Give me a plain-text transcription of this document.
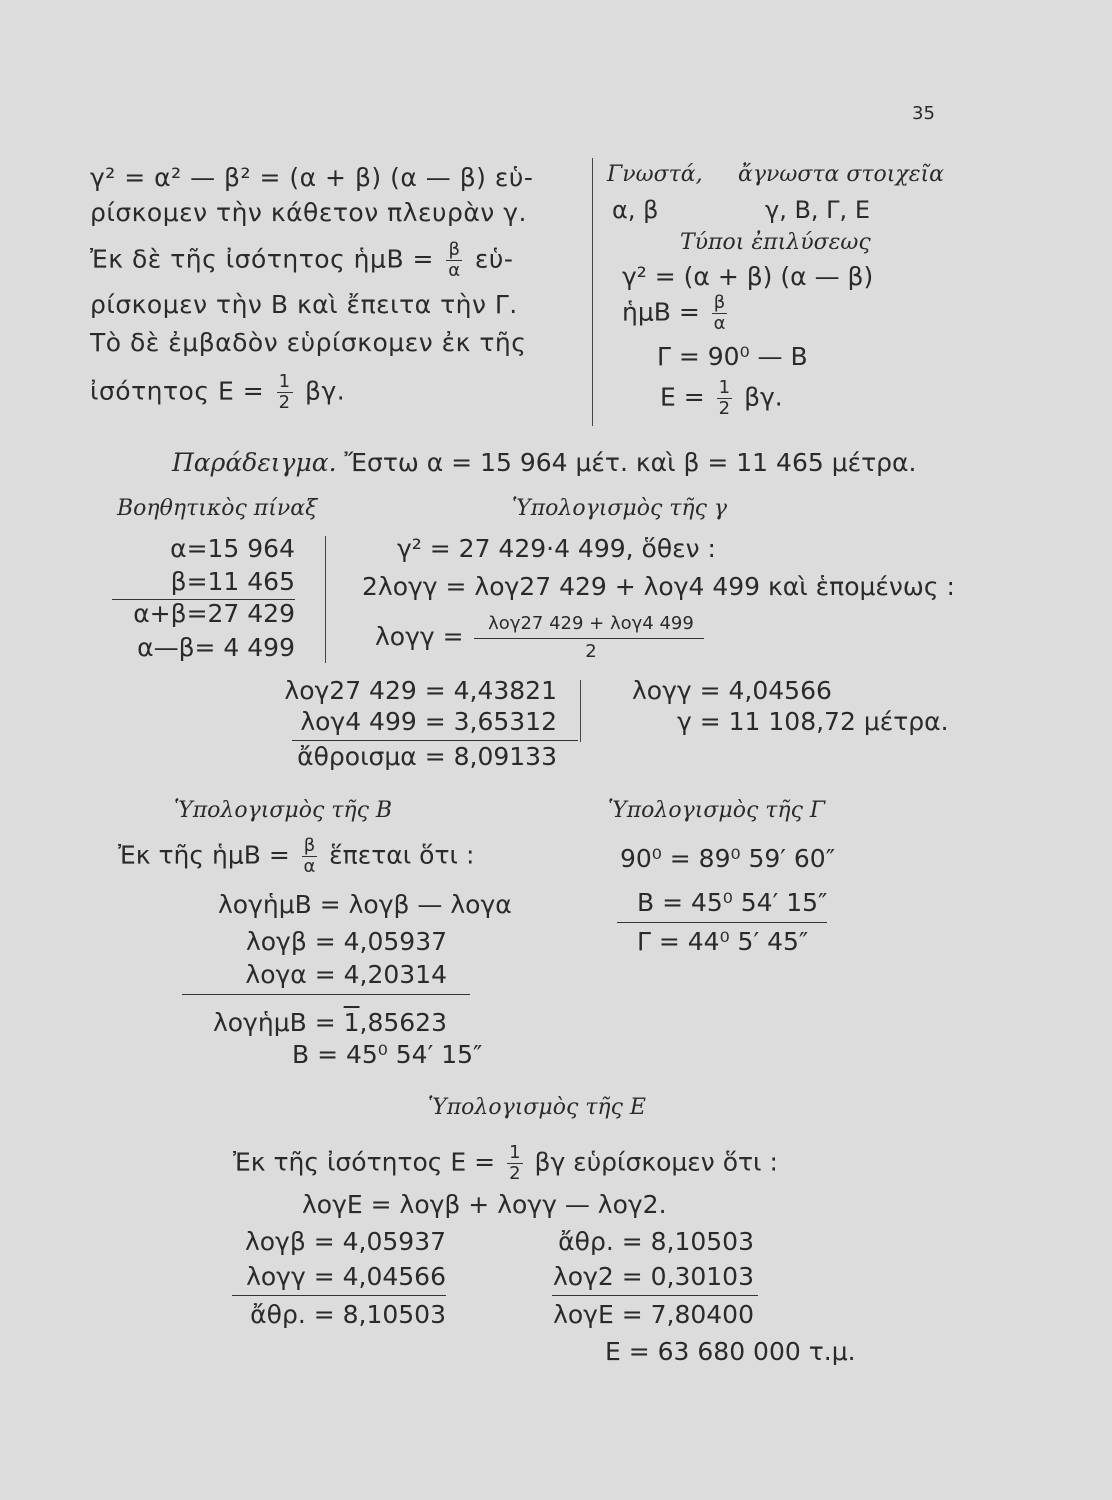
35
γ² = α² — β² = (α + β) (α — β) εὑ-
ρίσκομεν τὴν κάθετον πλευρὰν γ.
Ἐκ δὲ τῆς ἰσότητος ἡμΒ = $\frac{\beta}{\alpha}$ εὑ-
ρίσκομεν τὴν Β καὶ ἔπειτα τὴν Γ.
Τὸ δὲ ἐμβαδὸν εὑρίσκομεν ἐκ τῆς
ἰσότητος $E = \frac{1}{2} \beta\gamma$.
Γνωστά, ἄγνωστα στοιχεῖα
α, β	γ, Β, Γ, Ε
Τύποι ἐπιλύσεως
γ² = (α + β) (α — β)
ἡμΒ = $\frac{\beta}{\alpha}$
Γ = 90⁰ — Β
$E = \frac{1}{2} \beta\gamma$.
Παράδειγμα. Ἔστω α = 15 964 μέτ. καὶ β = 11 465 μέτρα.
Βοηθητικὸς πίναξ
α=15 964
β=11 465
α+β=27 429
α—β= 4 499
Ὑπολογισμὸς τῆς γ
γ² = 27 429·4 499, ὅθεν :
2λογγ = λογ27 429 + λογ4 499 καὶ ἑπομένως :
λογγ =	λογ27 429 + λογ4 499
2
λογ27 429 = 4,43821
λογ4 499 = 3,65312
ἄθροισμα = 8,09133
λογγ = 4,04566
γ = 11 108,72 μέτρα.
Ὑπολογισμὸς τῆς Β
Ἐκ τῆς ἡμΒ = $\frac{\beta}{\alpha}$ ἕπεται ὅτι :
λογἡμΒ = λογβ — λογα
λογβ = 4,05937
λογα = 4,20314
λογἡμΒ = 1,85623
Β = 45⁰ 54′ 15″
Ὑπολογισμὸς τῆς Γ
90⁰ = 89⁰ 59′ 60″
Β = 45⁰ 54′ 15″
Γ = 44⁰ 5′ 45″
Ὑπολογισμὸς τῆς Ε
Ἐκ τῆς ἰσότητος $E = \frac{1}{2}$ βγ εὑρίσκομεν ὅτι :
λογΕ = λογβ + λογγ — λογ2.
λογβ = 4,05937
λογγ = 4,04566
ἄθρ. = 8,10503
ἄθρ. = 8,10503
λογ2 = 0,30103
λογΕ = 7,80400
Ε = 63 680 000 τ.μ.
